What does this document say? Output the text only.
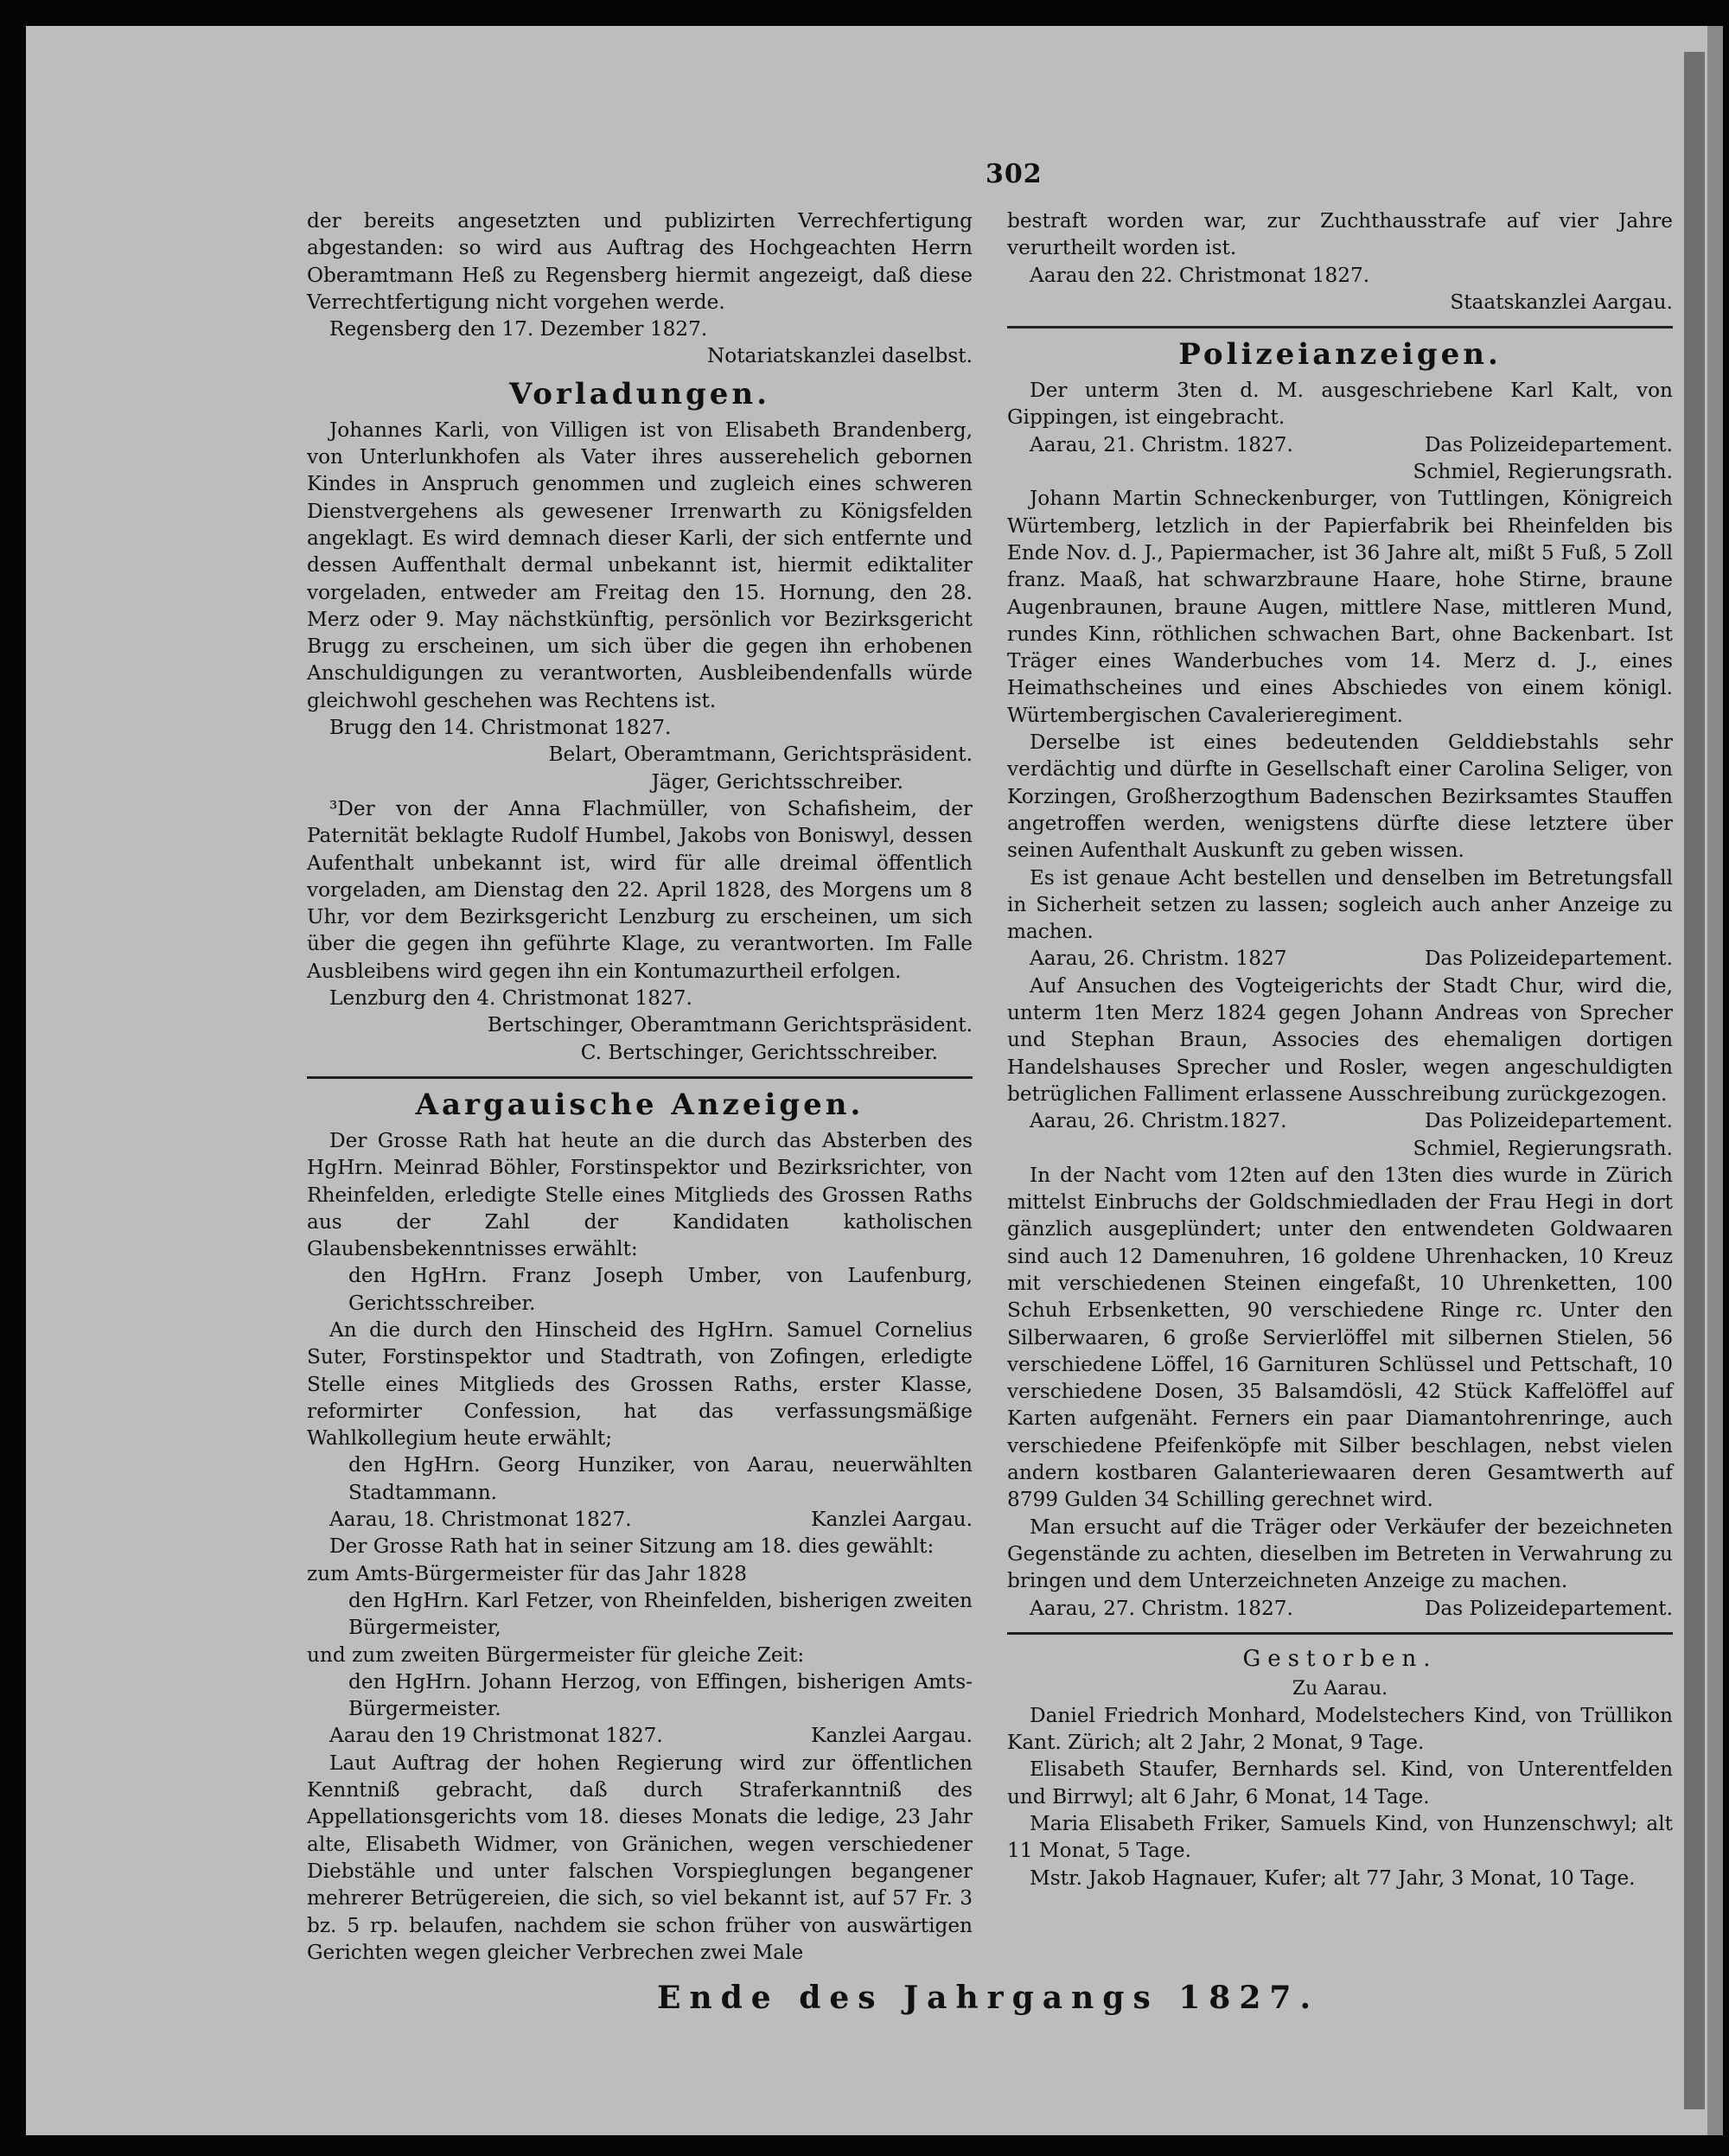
302

der bereits angesetzten und publizirten Verrechfertigung abgestanden: so wird aus Auftrag des Hochgeachten Herrn Oberamtmann Heß zu Regensberg hiermit angezeigt, daß diese Verrechtfertigung nicht vorgehen werde.

Regensberg den 17. Dezember 1827.

Notariatskanzlei daselbst.

Vorladungen.

Johannes Karli, von Villigen ist von Elisabeth Brandenberg, von Unterlunkhofen als Vater ihres ausserehelich gebornen Kindes in Anspruch genommen und zugleich eines schweren Dienstvergehens als gewesener Irrenwarth zu Königsfelden angeklagt. Es wird demnach dieser Karli, der sich entfernte und dessen Auffenthalt dermal unbekannt ist, hiermit ediktaliter vorgeladen, entweder am Freitag den 15. Hornung, den 28. Merz oder 9. May nächstkünftig, persönlich vor Bezirksgericht Brugg zu erscheinen, um sich über die gegen ihn erhobenen Anschuldigungen zu verantworten, Ausbleibendenfalls würde gleichwohl geschehen was Rechtens ist.

Brugg den 14. Christmonat 1827.

Belart, Oberamtmann, Gerichtspräsident.

Jäger, Gerichtsschreiber.

³Der von der Anna Flachmüller, von Schafisheim, der Paternität beklagte Rudolf Humbel, Jakobs von Boniswyl, dessen Aufenthalt unbekannt ist, wird für alle dreimal öffentlich vorgeladen, am Dienstag den 22. April 1828, des Morgens um 8 Uhr, vor dem Bezirksgericht Lenzburg zu erscheinen, um sich über die gegen ihn geführte Klage, zu verantworten. Im Falle Ausbleibens wird gegen ihn ein Kontumazurtheil erfolgen.

Lenzburg den 4. Christmonat 1827.

Bertschinger, Oberamtmann Gerichtspräsident.

C. Bertschinger, Gerichtsschreiber.

Aargauische Anzeigen.

Der Grosse Rath hat heute an die durch das Absterben des HgHrn. Meinrad Böhler, Forstinspektor und Bezirksrichter, von Rheinfelden, erledigte Stelle eines Mitglieds des Grossen Raths aus der Zahl der Kandidaten katholischen Glaubensbekenntnisses erwählt:

den HgHrn. Franz Joseph Umber, von Laufenburg, Gerichtsschreiber.

An die durch den Hinscheid des HgHrn. Samuel Cornelius Suter, Forstinspektor und Stadtrath, von Zofingen, erledigte Stelle eines Mitglieds des Grossen Raths, erster Klasse, reformirter Confession, hat das verfassungsmäßige Wahlkollegium heute erwählt;

den HgHrn. Georg Hunziker, von Aarau, neuerwählten Stadtammann.

Aarau, 18. Christmonat 1827.	Kanzlei Aargau.

Der Grosse Rath hat in seiner Sitzung am 18. dies gewählt:

zum Amts-Bürgermeister für das Jahr 1828

den HgHrn. Karl Fetzer, von Rheinfelden, bisherigen zweiten Bürgermeister,

und zum zweiten Bürgermeister für gleiche Zeit:

den HgHrn. Johann Herzog, von Effingen, bisherigen Amts-Bürgermeister.

Aarau den 19 Christmonat 1827.	Kanzlei Aargau.

Laut Auftrag der hohen Regierung wird zur öffentlichen Kenntniß gebracht, daß durch Straferkanntniß des Appellationsgerichts vom 18. dieses Monats die ledige, 23 Jahr alte, Elisabeth Widmer, von Gränichen, wegen verschiedener Diebstähle und unter falschen Vorspieglungen begangener mehrerer Betrügereien, die sich, so viel bekannt ist, auf 57 Fr. 3 bz. 5 rp. belaufen, nachdem sie schon früher von auswärtigen Gerichten wegen gleicher Verbrechen zwei Male

bestraft worden war, zur Zuchthausstrafe auf vier Jahre verurtheilt worden ist.

Aarau den 22. Christmonat 1827.

Staatskanzlei Aargau.

Polizeianzeigen.

Der unterm 3ten d. M. ausgeschriebene Karl Kalt, von Gippingen, ist eingebracht.

Aarau, 21. Christm. 1827.	Das Polizeidepartement.

Schmiel, Regierungsrath.

Johann Martin Schneckenburger, von Tuttlingen, Königreich Würtemberg, letzlich in der Papierfabrik bei Rheinfelden bis Ende Nov. d. J., Papiermacher, ist 36 Jahre alt, mißt 5 Fuß, 5 Zoll franz. Maaß, hat schwarzbraune Haare, hohe Stirne, braune Augenbraunen, braune Augen, mittlere Nase, mittleren Mund, rundes Kinn, röthlichen schwachen Bart, ohne Backenbart. Ist Träger eines Wanderbuches vom 14. Merz d. J., eines Heimathscheines und eines Abschiedes von einem königl. Würtembergischen Cavalerieregiment.

Derselbe ist eines bedeutenden Gelddiebstahls sehr verdächtig und dürfte in Gesellschaft einer Carolina Seliger, von Korzingen, Großherzogthum Badenschen Bezirksamtes Stauffen angetroffen werden, wenigstens dürfte diese letztere über seinen Aufenthalt Auskunft zu geben wissen.

Es ist genaue Acht bestellen und denselben im Betretungsfall in Sicherheit setzen zu lassen; sogleich auch anher Anzeige zu machen.

Aarau, 26. Christm. 1827	Das Polizeidepartement.

Auf Ansuchen des Vogteigerichts der Stadt Chur, wird die, unterm 1ten Merz 1824 gegen Johann Andreas von Sprecher und Stephan Braun, Associes des ehemaligen dortigen Handelshauses Sprecher und Rosler, wegen angeschuldigten betrüglichen Falliment erlassene Ausschreibung zurückgezogen.

Aarau, 26. Christm.1827.	Das Polizeidepartement.

Schmiel, Regierungsrath.

In der Nacht vom 12ten auf den 13ten dies wurde in Zürich mittelst Einbruchs der Goldschmiedladen der Frau Hegi in dort gänzlich ausgeplündert; unter den entwendeten Goldwaaren sind auch 12 Damenuhren, 16 goldene Uhrenhacken, 10 Kreuz mit verschiedenen Steinen eingefaßt, 10 Uhrenketten, 100 Schuh Erbsenketten, 90 verschiedene Ringe rc. Unter den Silberwaaren, 6 große Servierlöffel mit silbernen Stielen, 56 verschiedene Löffel, 16 Garnituren Schlüssel und Pettschaft, 10 verschiedene Dosen, 35 Balsamdösli, 42 Stück Kaffelöffel auf Karten aufgenäht. Ferners ein paar Diamantohrenringe, auch verschiedene Pfeifenköpfe mit Silber beschlagen, nebst vielen andern kostbaren Galanteriewaaren deren Gesamtwerth auf 8799 Gulden 34 Schilling gerechnet wird.

Man ersucht auf die Träger oder Verkäufer der bezeichneten Gegenstände zu achten, dieselben im Betreten in Verwahrung zu bringen und dem Unterzeichneten Anzeige zu machen.

Aarau, 27. Christm. 1827.	Das Polizeidepartement.
Gestorben.

Zu Aarau.

Daniel Friedrich Monhard, Modelstechers Kind, von Trüllikon Kant. Zürich; alt 2 Jahr, 2 Monat, 9 Tage.

Elisabeth Staufer, Bernhards sel. Kind, von Unterentfelden und Birrwyl; alt 6 Jahr, 6 Monat, 14 Tage.

Maria Elisabeth Friker, Samuels Kind, von Hunzenschwyl; alt 11 Monat, 5 Tage.

Mstr. Jakob Hagnauer, Kufer; alt 77 Jahr, 3 Monat, 10 Tage.

Ende des Jahrgangs 1827.
